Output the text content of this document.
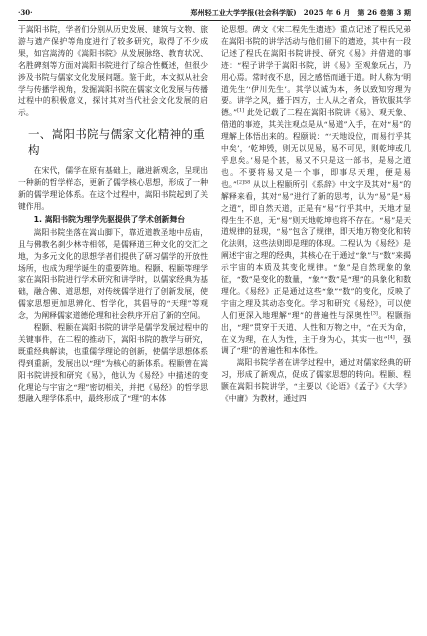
·30·	郑州轻工业大学学报(社会科学版)　2025 年 6 月　第 26 卷第 3 期

于嵩阳书院，学者们分别从历史发展、建筑与文物、旅游与遗产保护等角度进行了较多研究，取得了不少成果，如宫嵩涛的《嵩阳书院》从发展脉络、教育状况、名胜碑刻等方面对嵩阳书院进行了综合性概述，但很少涉及书院与儒家文化发展问题。鉴于此，本文拟从社会学与传播学视角，发掘嵩阳书院在儒家文化发展与传播过程中的积极意义，探讨其对当代社会文化发展的启示。

一、嵩阳书院与儒家文化精神的重构

在宋代，儒学在原有基础上，融进新观念，呈现出一种新的哲学样态，更新了儒学核心思想，形成了一种新的儒学理论体系。在这个过程中，嵩阳书院起到了关键作用。

1. 嵩阳书院为理学先驱提供了学术创新舞台

嵩阳书院坐落在嵩山脚下，靠近道教圣地中岳庙，且与佛教名刹少林寺相邻，是儒释道三种文化的交汇之地，为多元文化的思想学者们提供了研习儒学的开放性场所，也成为理学诞生的重要阵地。程颢、程颐等理学家在嵩阳书院进行学术研究和讲学时，以儒家经典为基础，融合佛、道思想，对传统儒学进行了创新发展，使儒家思想更加思辨化、哲学化，其倡导的“天理”等观念，为阐释儒家道德伦理和社会秩序开启了新的空间。

程颢、程颐在嵩阳书院的讲学是儒学发展过程中的关键事件，在二程的推动下，嵩阳书院的教学与研究，既重经典解读，也重儒学理论的创新，使儒学思想体系得到重新，发展出以“理”为核心的新体系。程颐曾在嵩阳书院讲授和研究《易》，他认为《易经》中描述的变化理论与宇宙之“理”密切相关，并把《易经》的哲学思想融入理学体系中，最终形成了“理”的本体

论思想。碑文《宋二程先生遗迹》重点记述了程氏兄弟在嵩阳书院的讲学活动与他们留下的遗迹，其中有一段记述了程氏在嵩阳书院讲授、研究《易》并借道的事迹：“程子讲学于嵩阳书院，讲《易》至观象玩占，乃用心焉。常时夜不息，因之感悟而通于道。时人称为‘明道先生’‘伊川先生’。其学以诚为本，务以致知穷理为要。讲学之风，播于四方，士人从之者众，皆钦服其学德。”[1] 此处记载了二程在嵩阳书院讲《易》、观天象、借道的事迹，其关注观点是从“易道”入手，在对“易”的理解上体悟出来的。程颐说：“‘天地设位，而易行乎其中矣’，‘乾坤毁，则无以见易，易不可见，则乾坤或几乎息矣。’易是个甚，易又不只是这一部书，是易之道也。不要将易又是一个事，即事尽天理，便是易也。”$^{[2]58}$ 从以上程颐所引《系辞》中文字及其对“易”的解释来看，其对“易”进行了新的思考，认为“易”是“易之道”，即自然天道，正是有“易”行乎其中，天地才显得生生不息，无“易”则天地乾坤也将不存在。“易”是天道规律的显现，“易”包含了规律，即天地万物变化和转化法则，这些法则即是理的体现。二程认为《易经》是阐述宇宙之理的经典，其核心在于通过“象”与“数”来揭示宇宙的本质及其变化规律。“象”是自然现象的象征，“数”是变化的数量，“象”“数”是“理”的具象化和数理化。《易经》正是通过这些“象”“数”的变化，反映了宇宙之理及其动态变化。学习和研究《易经》，可以使人们更深入地理解“理”的普遍性与深奥性[3]。程颢指出，“理”贯穿于天道、人性和万物之中，“在天为命，在义为理，在人为性，主于身为心，其实一也”[4]，强调了“理”的普遍性和本体性。

嵩阳书院学者在讲学过程中，通过对儒家经典的研习，形成了新观点，促成了儒家思想的转向。程颐、程颢在嵩阳书院讲学，“主要以《论语》《孟子》《大学》《中庸》为教材，通过四
